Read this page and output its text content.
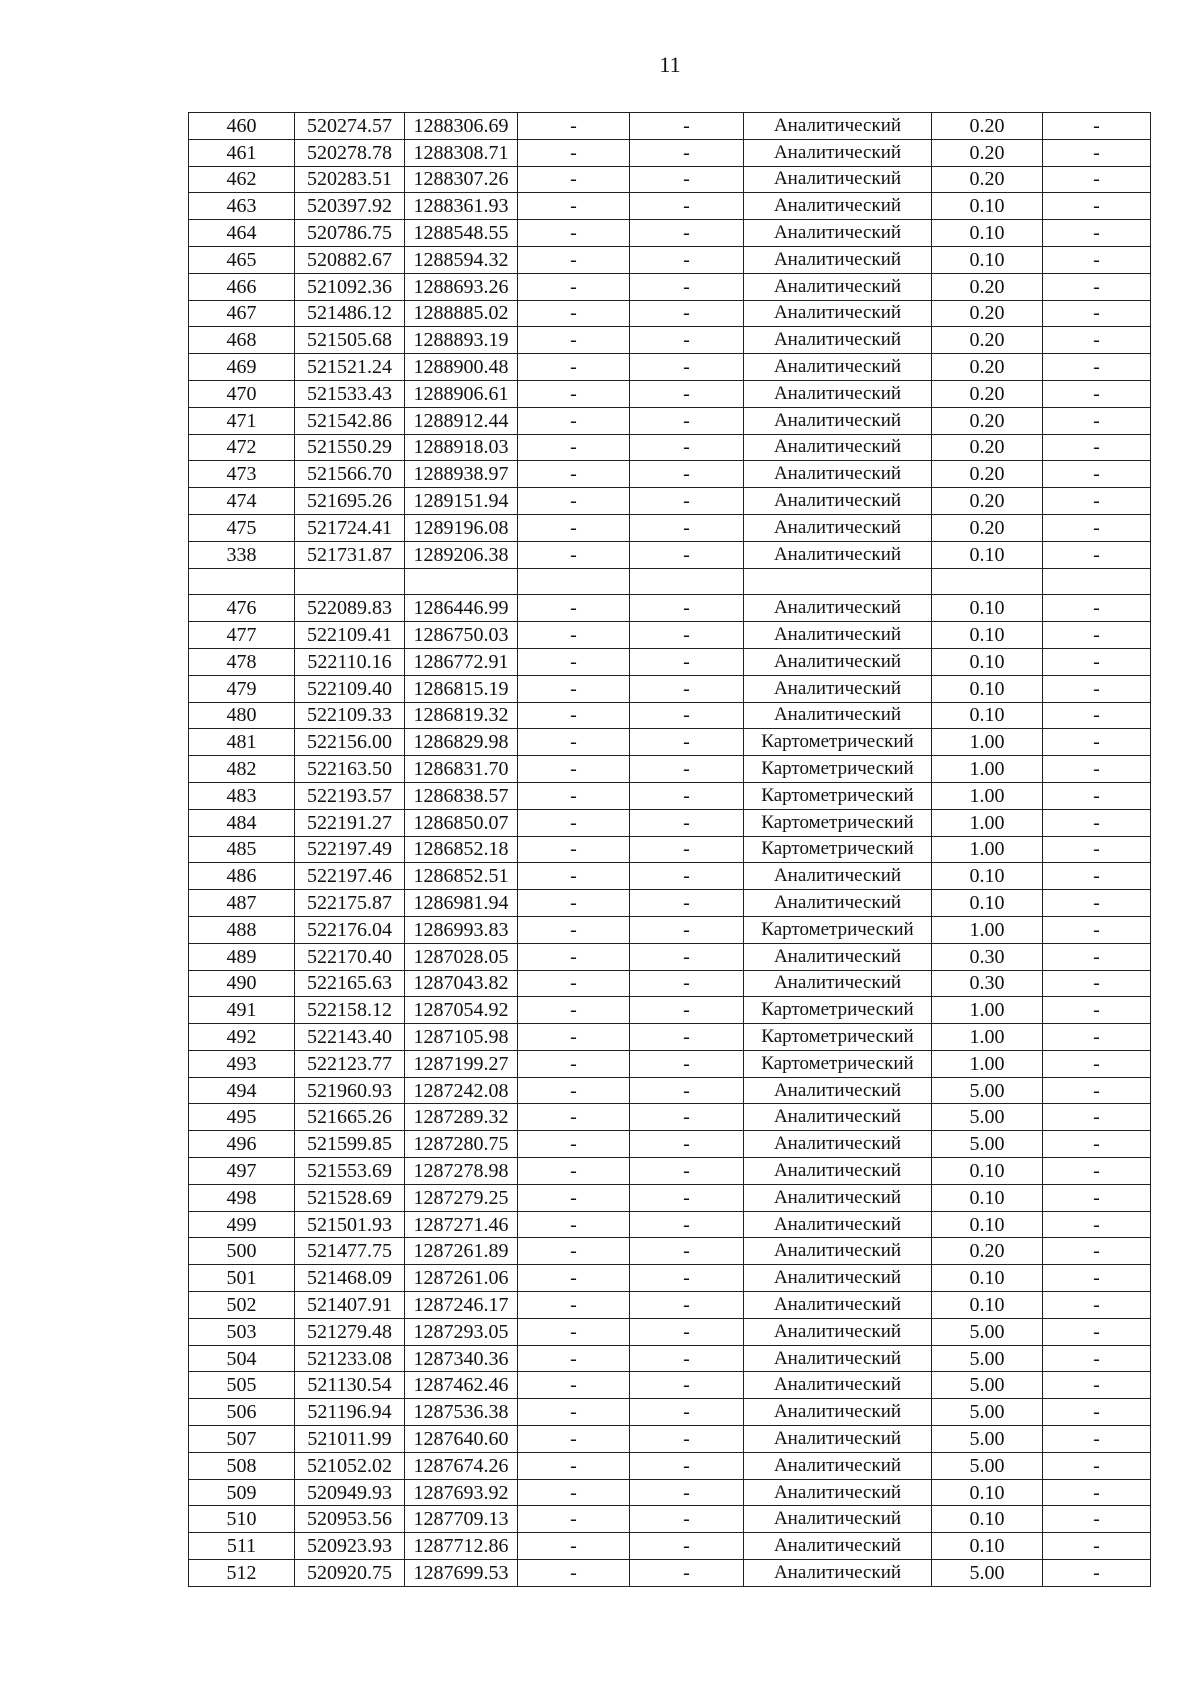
11
460	520274.57	1288306.69	-	-	Аналитический	0.20	-
461	520278.78	1288308.71	-	-	Аналитический	0.20	-
462	520283.51	1288307.26	-	-	Аналитический	0.20	-
463	520397.92	1288361.93	-	-	Аналитический	0.10	-
464	520786.75	1288548.55	-	-	Аналитический	0.10	-
465	520882.67	1288594.32	-	-	Аналитический	0.10	-
466	521092.36	1288693.26	-	-	Аналитический	0.20	-
467	521486.12	1288885.02	-	-	Аналитический	0.20	-
468	521505.68	1288893.19	-	-	Аналитический	0.20	-
469	521521.24	1288900.48	-	-	Аналитический	0.20	-
470	521533.43	1288906.61	-	-	Аналитический	0.20	-
471	521542.86	1288912.44	-	-	Аналитический	0.20	-
472	521550.29	1288918.03	-	-	Аналитический	0.20	-
473	521566.70	1288938.97	-	-	Аналитический	0.20	-
474	521695.26	1289151.94	-	-	Аналитический	0.20	-
475	521724.41	1289196.08	-	-	Аналитический	0.20	-
338	521731.87	1289206.38	-	-	Аналитический	0.10	-

476	522089.83	1286446.99	-	-	Аналитический	0.10	-
477	522109.41	1286750.03	-	-	Аналитический	0.10	-
478	522110.16	1286772.91	-	-	Аналитический	0.10	-
479	522109.40	1286815.19	-	-	Аналитический	0.10	-
480	522109.33	1286819.32	-	-	Аналитический	0.10	-
481	522156.00	1286829.98	-	-	Картометрический	1.00	-
482	522163.50	1286831.70	-	-	Картометрический	1.00	-
483	522193.57	1286838.57	-	-	Картометрический	1.00	-
484	522191.27	1286850.07	-	-	Картометрический	1.00	-
485	522197.49	1286852.18	-	-	Картометрический	1.00	-
486	522197.46	1286852.51	-	-	Аналитический	0.10	-
487	522175.87	1286981.94	-	-	Аналитический	0.10	-
488	522176.04	1286993.83	-	-	Картометрический	1.00	-
489	522170.40	1287028.05	-	-	Аналитический	0.30	-
490	522165.63	1287043.82	-	-	Аналитический	0.30	-
491	522158.12	1287054.92	-	-	Картометрический	1.00	-
492	522143.40	1287105.98	-	-	Картометрический	1.00	-
493	522123.77	1287199.27	-	-	Картометрический	1.00	-
494	521960.93	1287242.08	-	-	Аналитический	5.00	-
495	521665.26	1287289.32	-	-	Аналитический	5.00	-
496	521599.85	1287280.75	-	-	Аналитический	5.00	-
497	521553.69	1287278.98	-	-	Аналитический	0.10	-
498	521528.69	1287279.25	-	-	Аналитический	0.10	-
499	521501.93	1287271.46	-	-	Аналитический	0.10	-
500	521477.75	1287261.89	-	-	Аналитический	0.20	-
501	521468.09	1287261.06	-	-	Аналитический	0.10	-
502	521407.91	1287246.17	-	-	Аналитический	0.10	-
503	521279.48	1287293.05	-	-	Аналитический	5.00	-
504	521233.08	1287340.36	-	-	Аналитический	5.00	-
505	521130.54	1287462.46	-	-	Аналитический	5.00	-
506	521196.94	1287536.38	-	-	Аналитический	5.00	-
507	521011.99	1287640.60	-	-	Аналитический	5.00	-
508	521052.02	1287674.26	-	-	Аналитический	5.00	-
509	520949.93	1287693.92	-	-	Аналитический	0.10	-
510	520953.56	1287709.13	-	-	Аналитический	0.10	-
511	520923.93	1287712.86	-	-	Аналитический	0.10	-
512	520920.75	1287699.53	-	-	Аналитический	5.00	-
